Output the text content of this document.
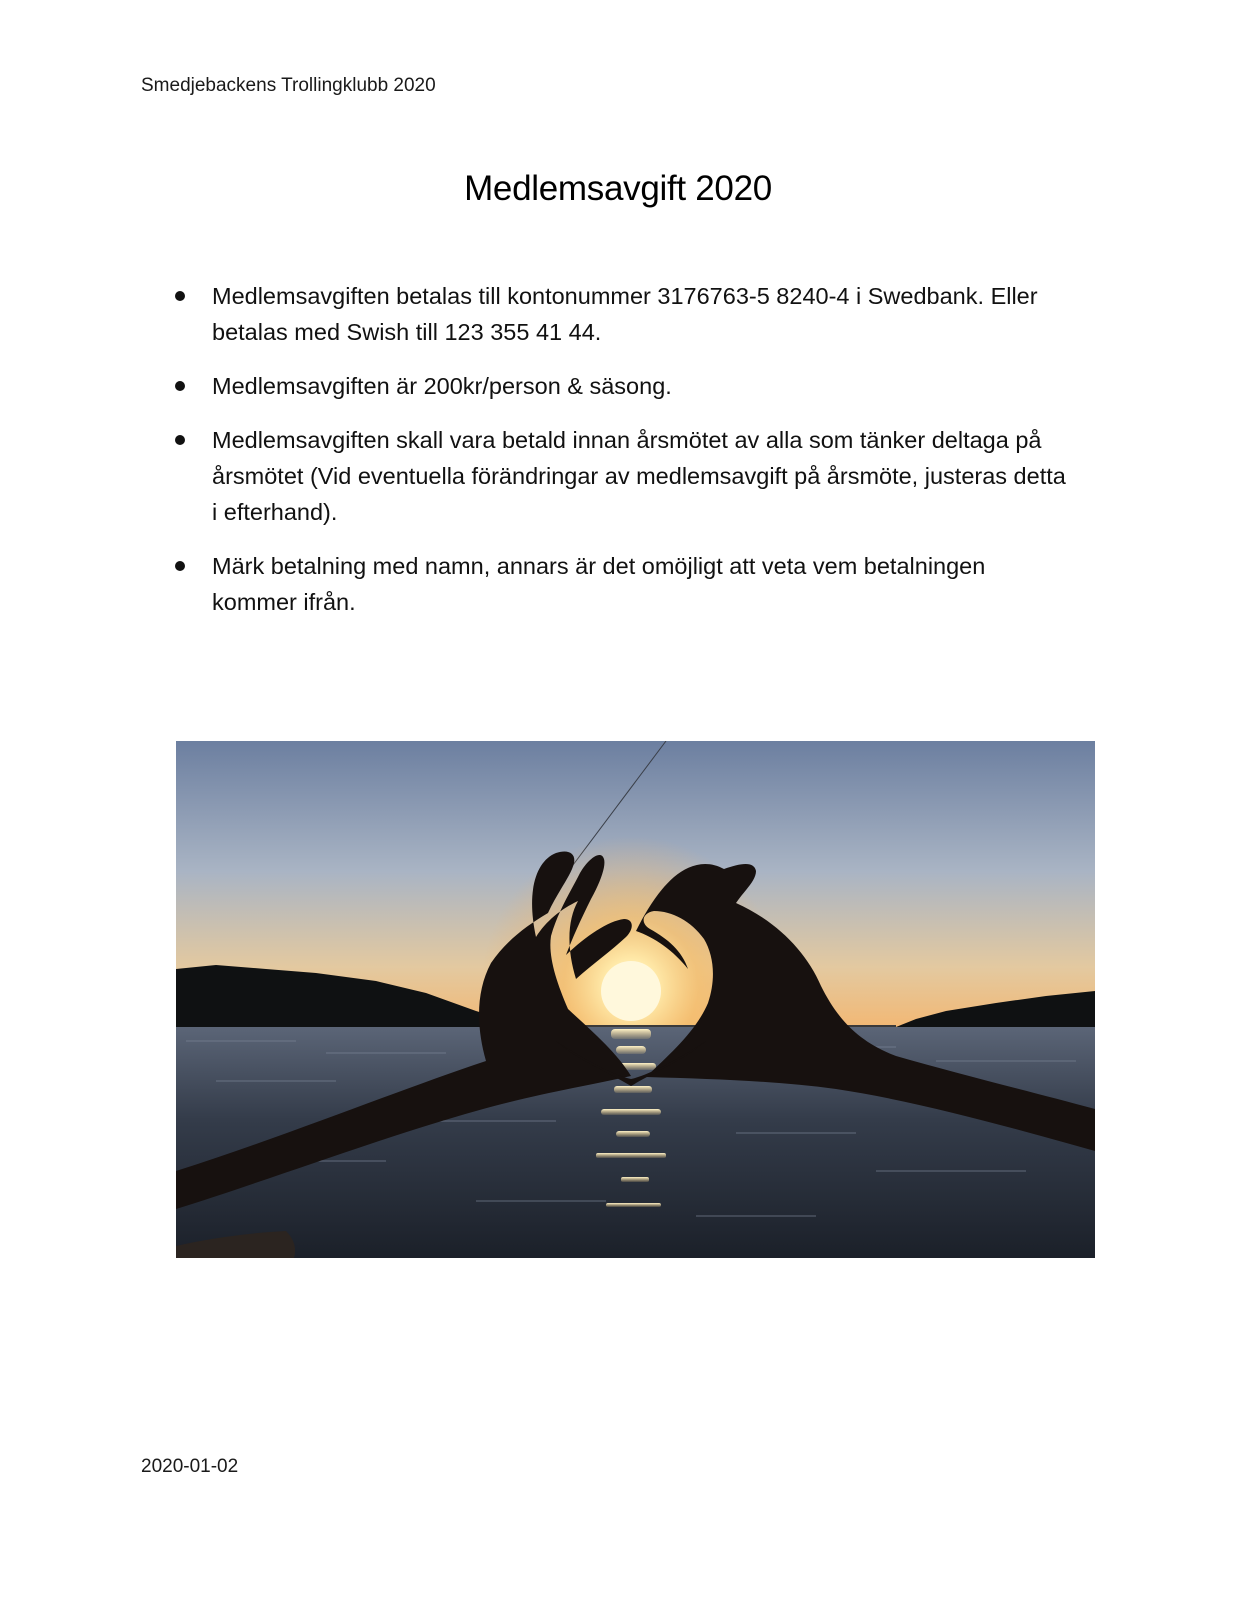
Smedjebackens Trollingklubb 2020
Medlemsavgift 2020
Medlemsavgiften betalas till kontonummer 3176763-5 8240-4 i Swedbank. Eller betalas med Swish till 123 355 41 44.
Medlemsavgiften är 200kr/person & säsong.
Medlemsavgiften skall vara betald innan årsmötet av alla som tänker deltaga på årsmötet (Vid eventuella förändringar av medlemsavgift på årsmöte, justeras detta i efterhand).
Märk betalning med namn, annars är det omöjligt att veta vem betalningen kommer ifrån.
2020-01-02
